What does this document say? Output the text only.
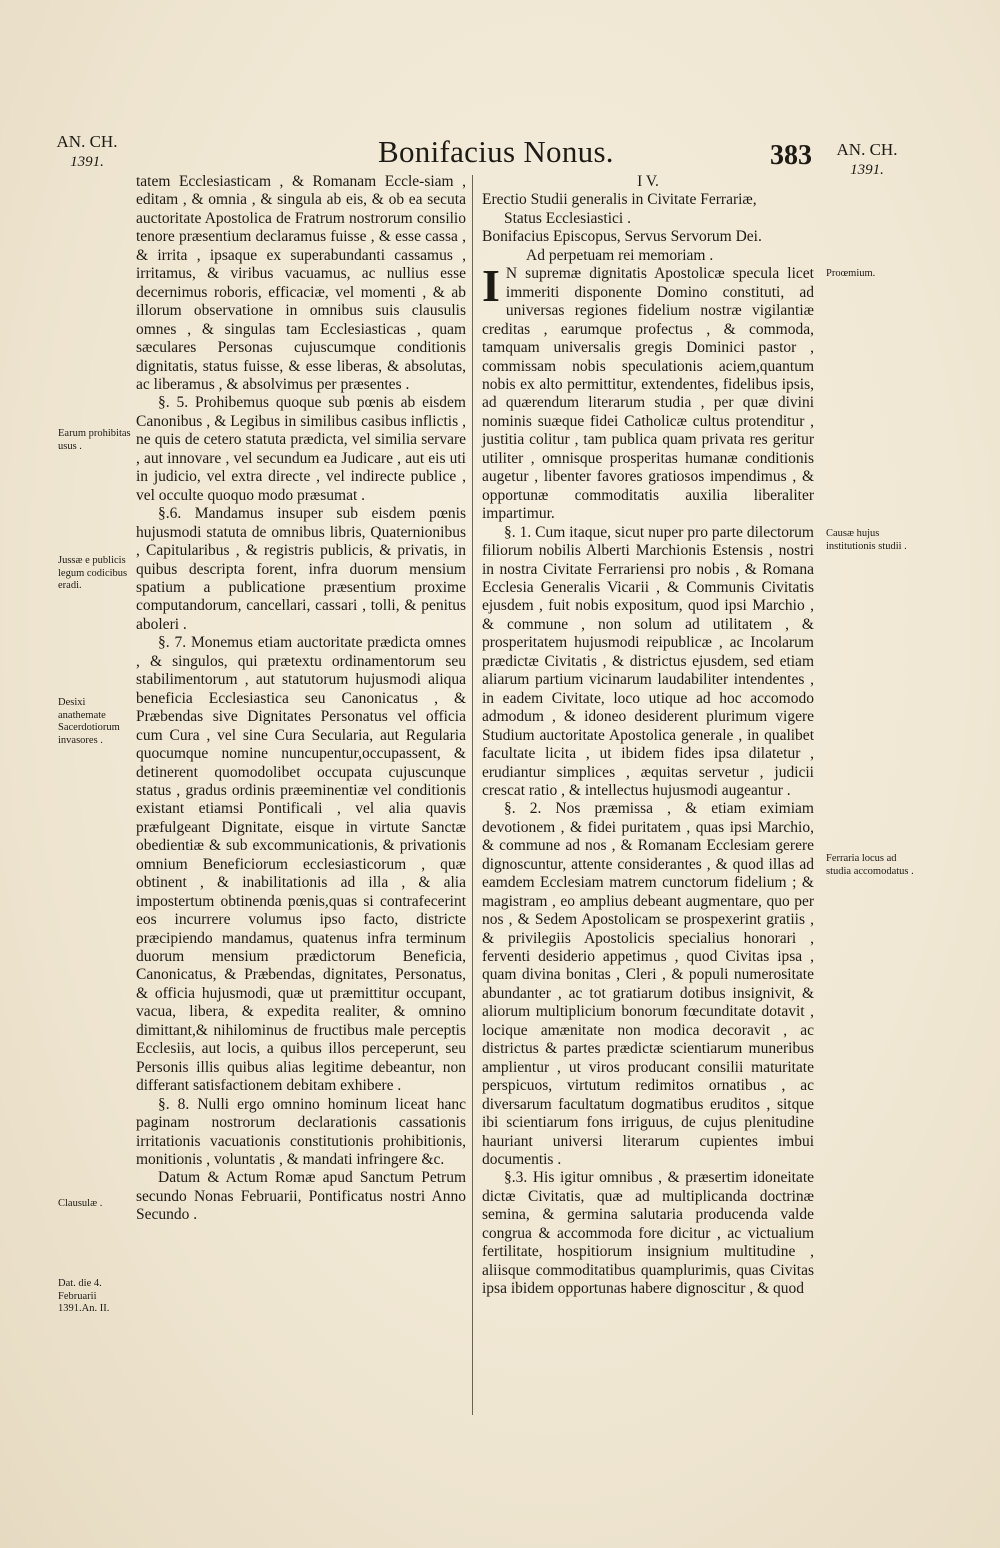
AN. CH.
1391.	Bonifacius Nonus.	383	AN. CH.
1391.

tatem Ecclesiasticam , & Romanam Eccle-siam , editam , & omnia , & singula ab eis, & ob ea secuta auctoritate Apostolica de Fratrum nostrorum consilio tenore præsentium declaramus fuisse , & esse cassa , & irrita , ipsaque ex superabundanti cassamus , irritamus, & viribus vacuamus, ac nullius esse decernimus roboris, efficaciæ, vel momenti , & ab illorum observatione in omnibus suis clausulis omnes , & singulas tam Ecclesiasticas , quam sæculares Personas cujuscumque conditionis dignitatis, status fuisse, & esse liberas, & absolutas, ac liberamus , & absolvimus per præsentes .

§. 5. Prohibemus quoque sub pœnis ab eisdem Canonibus , & Legibus in similibus casibus inflictis , ne quis de cetero statuta prædicta, vel similia servare , aut innovare , vel secundum ea Judicare , aut eis uti in judicio, vel extra directe , vel indirecte publice , vel occulte quoquo modo præsumat .

§.6. Mandamus insuper sub eisdem pœnis hujusmodi statuta de omnibus libris, Quaternionibus , Capitularibus , & registris publicis, & privatis, in quibus descripta forent, infra duorum mensium spatium a publicatione præsentium proxime computandorum, cancellari, cassari , tolli, & penitus aboleri .

§. 7. Monemus etiam auctoritate prædicta omnes , & singulos, qui prætextu ordinamentorum seu stabilimentorum , aut statutorum hujusmodi aliqua beneficia Ecclesiastica seu Canonicatus , & Præbendas sive Dignitates Personatus vel officia cum Cura , vel sine Cura Secularia, aut Regularia quocumque nomine nuncupentur,occupassent, & detinerent quomodolibet occupata cujuscunque status , gradus ordinis præeminentiæ vel conditionis existant etiamsi Pontificali , vel alia quavis præfulgeant Dignitate, eisque in virtute Sanctæ obedientiæ & sub excommunicationis, & privationis omnium Beneficiorum ecclesiasticorum , quæ obtinent , & inabilitationis ad illa , & alia impostertum obtinenda pœnis,quas si contrafecerint eos incurrere volumus ipso facto, districte præcipiendo mandamus, quatenus infra terminum duorum mensium prædictorum Beneficia, Canonicatus, & Præbendas, dignitates, Personatus, & officia hujusmodi, quæ ut præmittitur occupant, vacua, libera, & expedita realiter, & omnino dimittant,& nihilominus de fructibus male perceptis Ecclesiis, aut locis, a quibus illos perceperunt, seu Personis illis quibus alias legitime debeantur, non differant satisfactionem debitam exhibere .

§. 8. Nulli ergo omnino hominum liceat hanc paginam nostrorum declarationis cassationis irritationis vacuationis constitutionis prohibitionis, monitionis , voluntatis , & mandati infringere &c.

Datum & Actum Romæ apud Sanctum Petrum secundo Nonas Februarii, Pontificatus nostri Anno Secundo .

I V.

Erectio Studii generalis in Civitate Ferrariæ,

Status Ecclesiastici .

Bonifacius Episcopus, Servus Servorum Dei.

Ad perpetuam rei memoriam .

I N supremæ dignitatis Apostolicæ specula licet immeriti disponente Domino constituti, ad universas regiones fidelium nostræ vigilantiæ creditas , earumque profectus , & commoda, tamquam universalis gregis Dominici pastor , commissam nobis speculationis aciem,quantum nobis ex alto permittitur, extendentes, fidelibus ipsis, ad quærendum literarum studia , per quæ divini nominis suæque fidei Catholicæ cultus protenditur , justitia colitur , tam publica quam privata res geritur utiliter , omnisque prosperitas humanæ conditionis augetur , libenter favores gratiosos impendimus , & opportunæ commoditatis auxilia liberaliter impartimur.

§. 1. Cum itaque, sicut nuper pro parte dilectorum filiorum nobilis Alberti Marchionis Estensis , nostri in nostra Civitate Ferrariensi pro nobis , & Romana Ecclesia Generalis Vicarii , & Communis Civitatis ejusdem , fuit nobis expositum, quod ipsi Marchio , & commune , non solum ad utilitatem , & prosperitatem hujusmodi reipublicæ , ac Incolarum prædictæ Civitatis , & districtus ejusdem, sed etiam aliarum partium vicinarum laudabiliter intendentes , in eadem Civitate, loco utique ad hoc accomodo admodum , & idoneo desiderent plurimum vigere Studium auctoritate Apostolica generale , in qualibet facultate licita , ut ibidem fides ipsa dilatetur , erudiantur simplices , æquitas servetur , judicii crescat ratio , & intellectus hujusmodi augeantur .

§. 2. Nos præmissa , & etiam eximiam devotionem , & fidei puritatem , quas ipsi Marchio, & commune ad nos , & Romanam Ecclesiam gerere dignoscuntur, attente considerantes , & quod illas ad eamdem Ecclesiam matrem cunctorum fidelium ; & magistram , eo amplius debeant augmentare, quo per nos , & Sedem Apostolicam se prospexerint gratiis , & privilegiis Apostolicis specialius honorari , ferventi desiderio appetimus , quod Civitas ipsa , quam divina bonitas , Cleri , & populi numerositate abundanter , ac tot gratiarum dotibus insignivit, & aliorum multiplicium bonorum fœcunditate dotavit , locique amænitate non modica decoravit , ac districtus & partes prædictæ scientiarum muneribus amplientur , ut viros producant consilii maturitate perspicuos, virtutum redimitos ornatibus , ac diversarum facultatum dogmatibus eruditos , sitque ibi scientiarum fons irriguus, de cujus plenitudine hauriant universi literarum cupientes imbui documentis .

§.3. His igitur omnibus , & præsertim idoneitate dictæ Civitatis, quæ ad multiplicanda doctrinæ semina, & germina salutaria producenda valde congrua & accommoda fore dicitur , ac victualium fertilitate, hospitiorum insignium multitudine , aliisque commoditatibus quamplurimis, quas Civitas ipsa ibidem opportunas habere dignoscitur , & quod

Earum prohibitas usus .
Jussæ e publicis legum codicibus eradi.
Desixi anathemate Sacerdotiorum invasores .
Clausulæ .
Dat. die 4. Februarii 1391.An. II.
Proœmium.
Causæ hujus institutionis studii .
Ferraria locus ad studia accomodatus .
